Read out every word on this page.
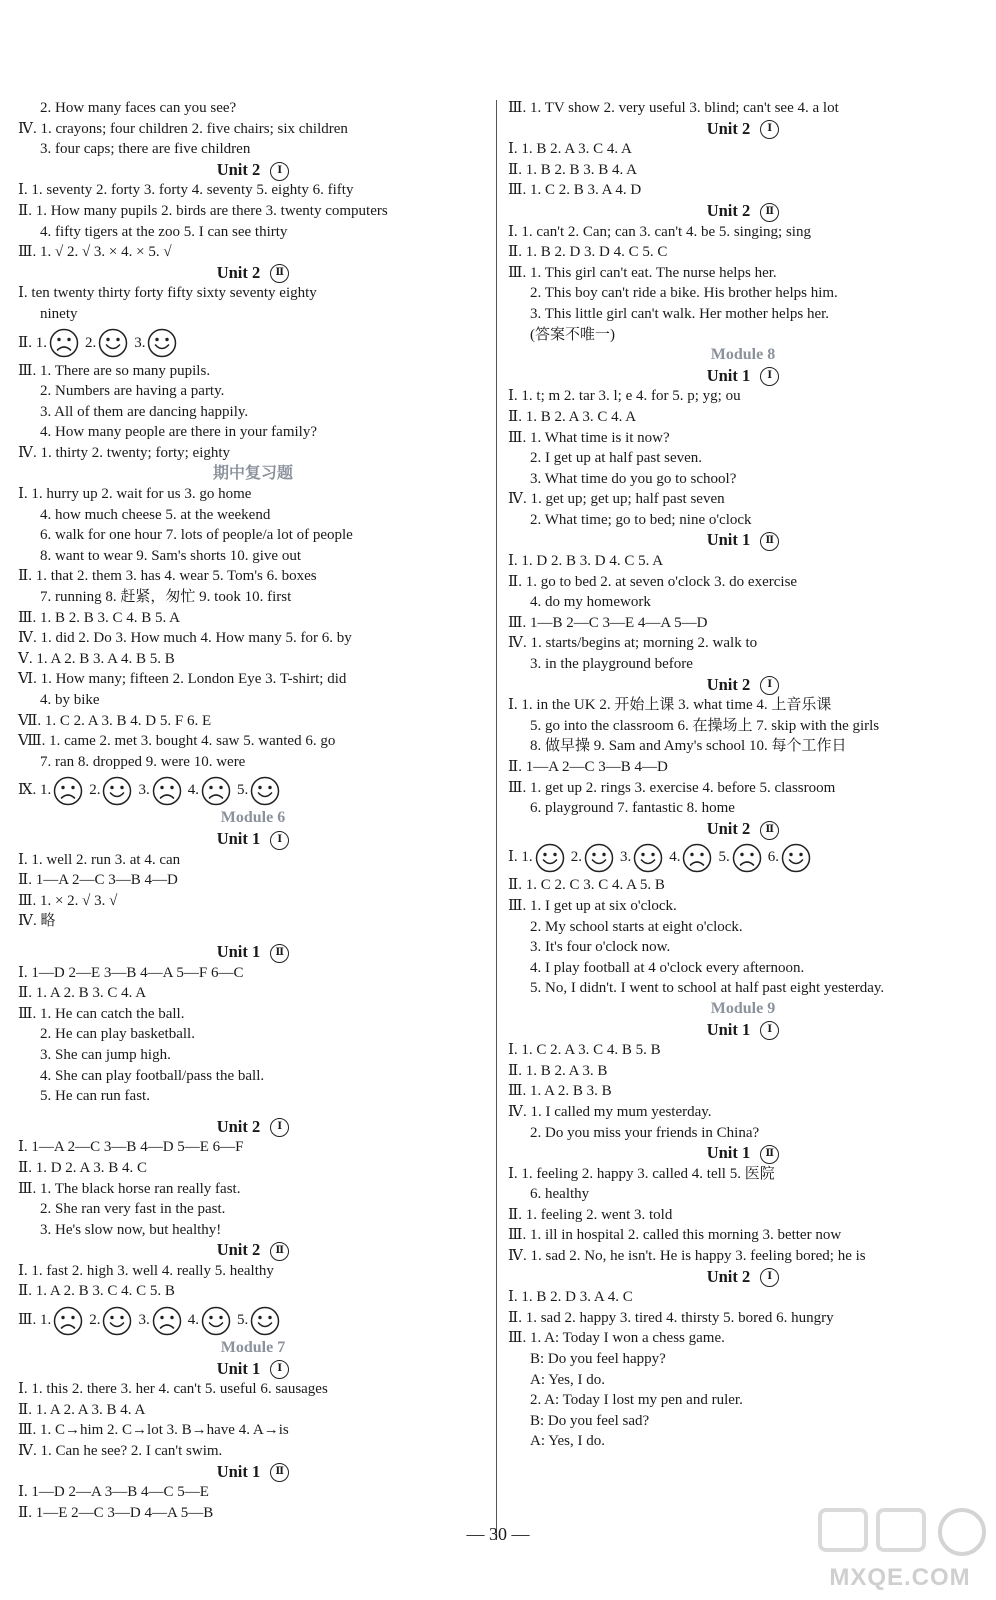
2. How many faces can you see?
Ⅳ. 1. crayons; four children 2. five chairs; six children
3. four caps; there are five children
Unit 2 Ⅰ
Ⅰ. 1. seventy 2. forty 3. forty 4. seventy 5. eighty 6. fifty
Ⅱ. 1. How many pupils 2. birds are there 3. twenty computers
4. fifty tigers at the zoo 5. I can see thirty
Ⅲ. 1. √ 2. √ 3. × 4. × 5. √
Unit 2 Ⅱ
Ⅰ. ten twenty thirty forty fifty sixty seventy eighty
ninety
Ⅱ. 1.	2.	3.
Ⅲ. 1. There are so many pupils.
2. Numbers are having a party.
3. All of them are dancing happily.
4. How many people are there in your family?
Ⅳ. 1. thirty 2. twenty; forty; eighty
期中复习题
Ⅰ. 1. hurry up 2. wait for us 3. go home
4. how much cheese 5. at the weekend
6. walk for one hour 7. lots of people/a lot of people
8. want to wear 9. Sam's shorts 10. give out
Ⅱ. 1. that 2. them 3. has 4. wear 5. Tom's 6. boxes
7. running 8. 赶紧，匆忙 9. took 10. first
Ⅲ. 1. B 2. B 3. C 4. B 5. A
Ⅳ. 1. did 2. Do 3. How much 4. How many 5. for 6. by
Ⅴ. 1. A 2. B 3. A 4. B 5. B
Ⅵ. 1. How many; fifteen 2. London Eye 3. T-shirt; did
4. by bike
Ⅶ. 1. C 2. A 3. B 4. D 5. F 6. E
Ⅷ. 1. came 2. met 3. bought 4. saw 5. wanted 6. go
7. ran 8. dropped 9. were 10. were
Ⅸ. 1.	2.	3.	4.	5.
Module 6
Unit 1 Ⅰ
Ⅰ. 1. well 2. run 3. at 4. can
Ⅱ. 1—A 2—C 3—B 4—D
Ⅲ. 1. × 2. √ 3. √
Ⅳ. 略
Unit 1 Ⅱ
Ⅰ. 1—D 2—E 3—B 4—A 5—F 6—C
Ⅱ. 1. A 2. B 3. C 4. A
Ⅲ. 1. He can catch the ball.
2. He can play basketball.
3. She can jump high.
4. She can play football/pass the ball.
5. He can run fast.
Unit 2 Ⅰ
Ⅰ. 1—A 2—C 3—B 4—D 5—E 6—F
Ⅱ. 1. D 2. A 3. B 4. C
Ⅲ. 1. The black horse ran really fast.
2. She ran very fast in the past.
3. He's slow now, but healthy!
Unit 2 Ⅱ
Ⅰ. 1. fast 2. high 3. well 4. really 5. healthy
Ⅱ. 1. A 2. B 3. C 4. C 5. B
Ⅲ. 1.	2.	3.	4.	5.
Module 7
Unit 1 Ⅰ
Ⅰ. 1. this 2. there 3. her 4. can't 5. useful 6. sausages
Ⅱ. 1. A 2. A 3. B 4. A
Ⅲ. 1. C→him 2. C→lot 3. B→have 4. A→is
Ⅳ. 1. Can he see? 2. I can't swim.
Unit 1 Ⅱ
Ⅰ. 1—D 2—A 3—B 4—C 5—E
Ⅱ. 1—E 2—C 3—D 4—A 5—B
Ⅲ. 1. TV show 2. very useful 3. blind; can't see 4. a lot
Unit 2 Ⅰ
Ⅰ. 1. B 2. A 3. C 4. A
Ⅱ. 1. B 2. B 3. B 4. A
Ⅲ. 1. C 2. B 3. A 4. D
Unit 2 Ⅱ
Ⅰ. 1. can't 2. Can; can 3. can't 4. be 5. singing; sing
Ⅱ. 1. B 2. D 3. D 4. C 5. C
Ⅲ. 1. This girl can't eat. The nurse helps her.
2. This boy can't ride a bike. His brother helps him.
3. This little girl can't walk. Her mother helps her.
(答案不唯一)
Module 8
Unit 1 Ⅰ
Ⅰ. 1. t; m 2. tar 3. l; e 4. for 5. p; yg; ou
Ⅱ. 1. B 2. A 3. C 4. A
Ⅲ. 1. What time is it now?
2. I get up at half past seven.
3. What time do you go to school?
Ⅳ. 1. get up; get up; half past seven
2. What time; go to bed; nine o'clock
Unit 1 Ⅱ
Ⅰ. 1. D 2. B 3. D 4. C 5. A
Ⅱ. 1. go to bed 2. at seven o'clock 3. do exercise
4. do my homework
Ⅲ. 1—B 2—C 3—E 4—A 5—D
Ⅳ. 1. starts/begins at; morning 2. walk to
3. in the playground before
Unit 2 Ⅰ
Ⅰ. 1. in the UK 2. 开始上课 3. what time 4. 上音乐课
5. go into the classroom 6. 在操场上 7. skip with the girls
8. 做早操 9. Sam and Amy's school 10. 每个工作日
Ⅱ. 1—A 2—C 3—B 4—D
Ⅲ. 1. get up 2. rings 3. exercise 4. before 5. classroom
6. playground 7. fantastic 8. home
Unit 2 Ⅱ
Ⅰ. 1.	2.	3.	4.	5.	6.
Ⅱ. 1. C 2. C 3. C 4. A 5. B
Ⅲ. 1. I get up at six o'clock.
2. My school starts at eight o'clock.
3. It's four o'clock now.
4. I play football at 4 o'clock every afternoon.
5. No, I didn't. I went to school at half past eight yesterday.
Module 9
Unit 1 Ⅰ
Ⅰ. 1. C 2. A 3. C 4. B 5. B
Ⅱ. 1. B 2. A 3. B
Ⅲ. 1. A 2. B 3. B
Ⅳ. 1. I called my mum yesterday.
2. Do you miss your friends in China?
Unit 1 Ⅱ
Ⅰ. 1. feeling 2. happy 3. called 4. tell 5. 医院
6. healthy
Ⅱ. 1. feeling 2. went 3. told
Ⅲ. 1. ill in hospital 2. called this morning 3. better now
Ⅳ. 1. sad 2. No, he isn't. He is happy 3. feeling bored; he is
Unit 2 Ⅰ
Ⅰ. 1. B 2. D 3. A 4. C
Ⅱ. 1. sad 2. happy 3. tired 4. thirsty 5. bored 6. hungry
Ⅲ. 1. A: Today I won a chess game.
B: Do you feel happy?
A: Yes, I do.
2. A: Today I lost my pen and ruler.
B: Do you feel sad?
A: Yes, I do.
— 30 —
MXQE.COM
